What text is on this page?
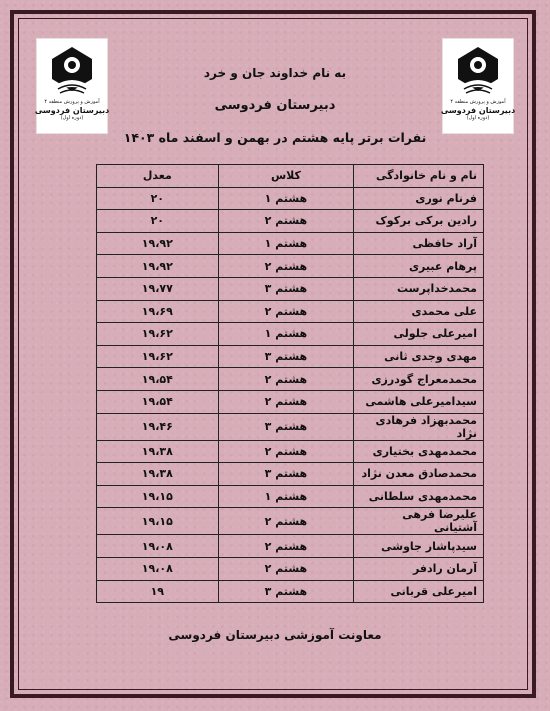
آموزش و پرورش منطقه ۴
دبیرستان فردوسی
(دوره اول)
آموزش و پرورش منطقه ۴
دبیرستان فردوسی
(دوره اول)
به نام خداوند جان و خرد
دبیرستان فردوسی
نفرات برتر پایه هشتم در بهمن و اسفند ماه ۱۴۰۳
نام و نام خانوادگی	کلاس	معدل
فرنام نوری	هشتم ۱	۲۰
رادین برکی برکوک	هشتم ۲	۲۰
آراد حافظی	هشتم ۱	۱۹،۹۲
پرهام عبیری	هشتم ۲	۱۹،۹۲
محمدخداپرست	هشتم ۳	۱۹،۷۷
علی محمدی	هشتم ۲	۱۹،۶۹
امیرعلی جلولی	هشتم ۱	۱۹،۶۲
مهدی وجدی ثانی	هشتم ۳	۱۹،۶۲
محمدمعراج گودرزی	هشتم ۲	۱۹،۵۴
سیدامیرعلی هاشمی	هشتم ۲	۱۹،۵۴
محمدبهزاد فرهادی نژاد	هشتم ۳	۱۹،۴۶
محمدمهدی بختیاری	هشتم ۲	۱۹،۳۸
محمدصادق معدن نژاد	هشتم ۳	۱۹،۳۸
محمدمهدی سلطانی	هشتم ۱	۱۹،۱۵
علیرضا فرهی آشتیانی	هشتم ۲	۱۹،۱۵
سیدپاشار جاوشی	هشتم ۲	۱۹،۰۸
آرمان رادفر	هشتم ۲	۱۹،۰۸
امیرعلی قربانی	هشتم ۳	۱۹
معاونت آموزشی دبیرستان فردوسی
